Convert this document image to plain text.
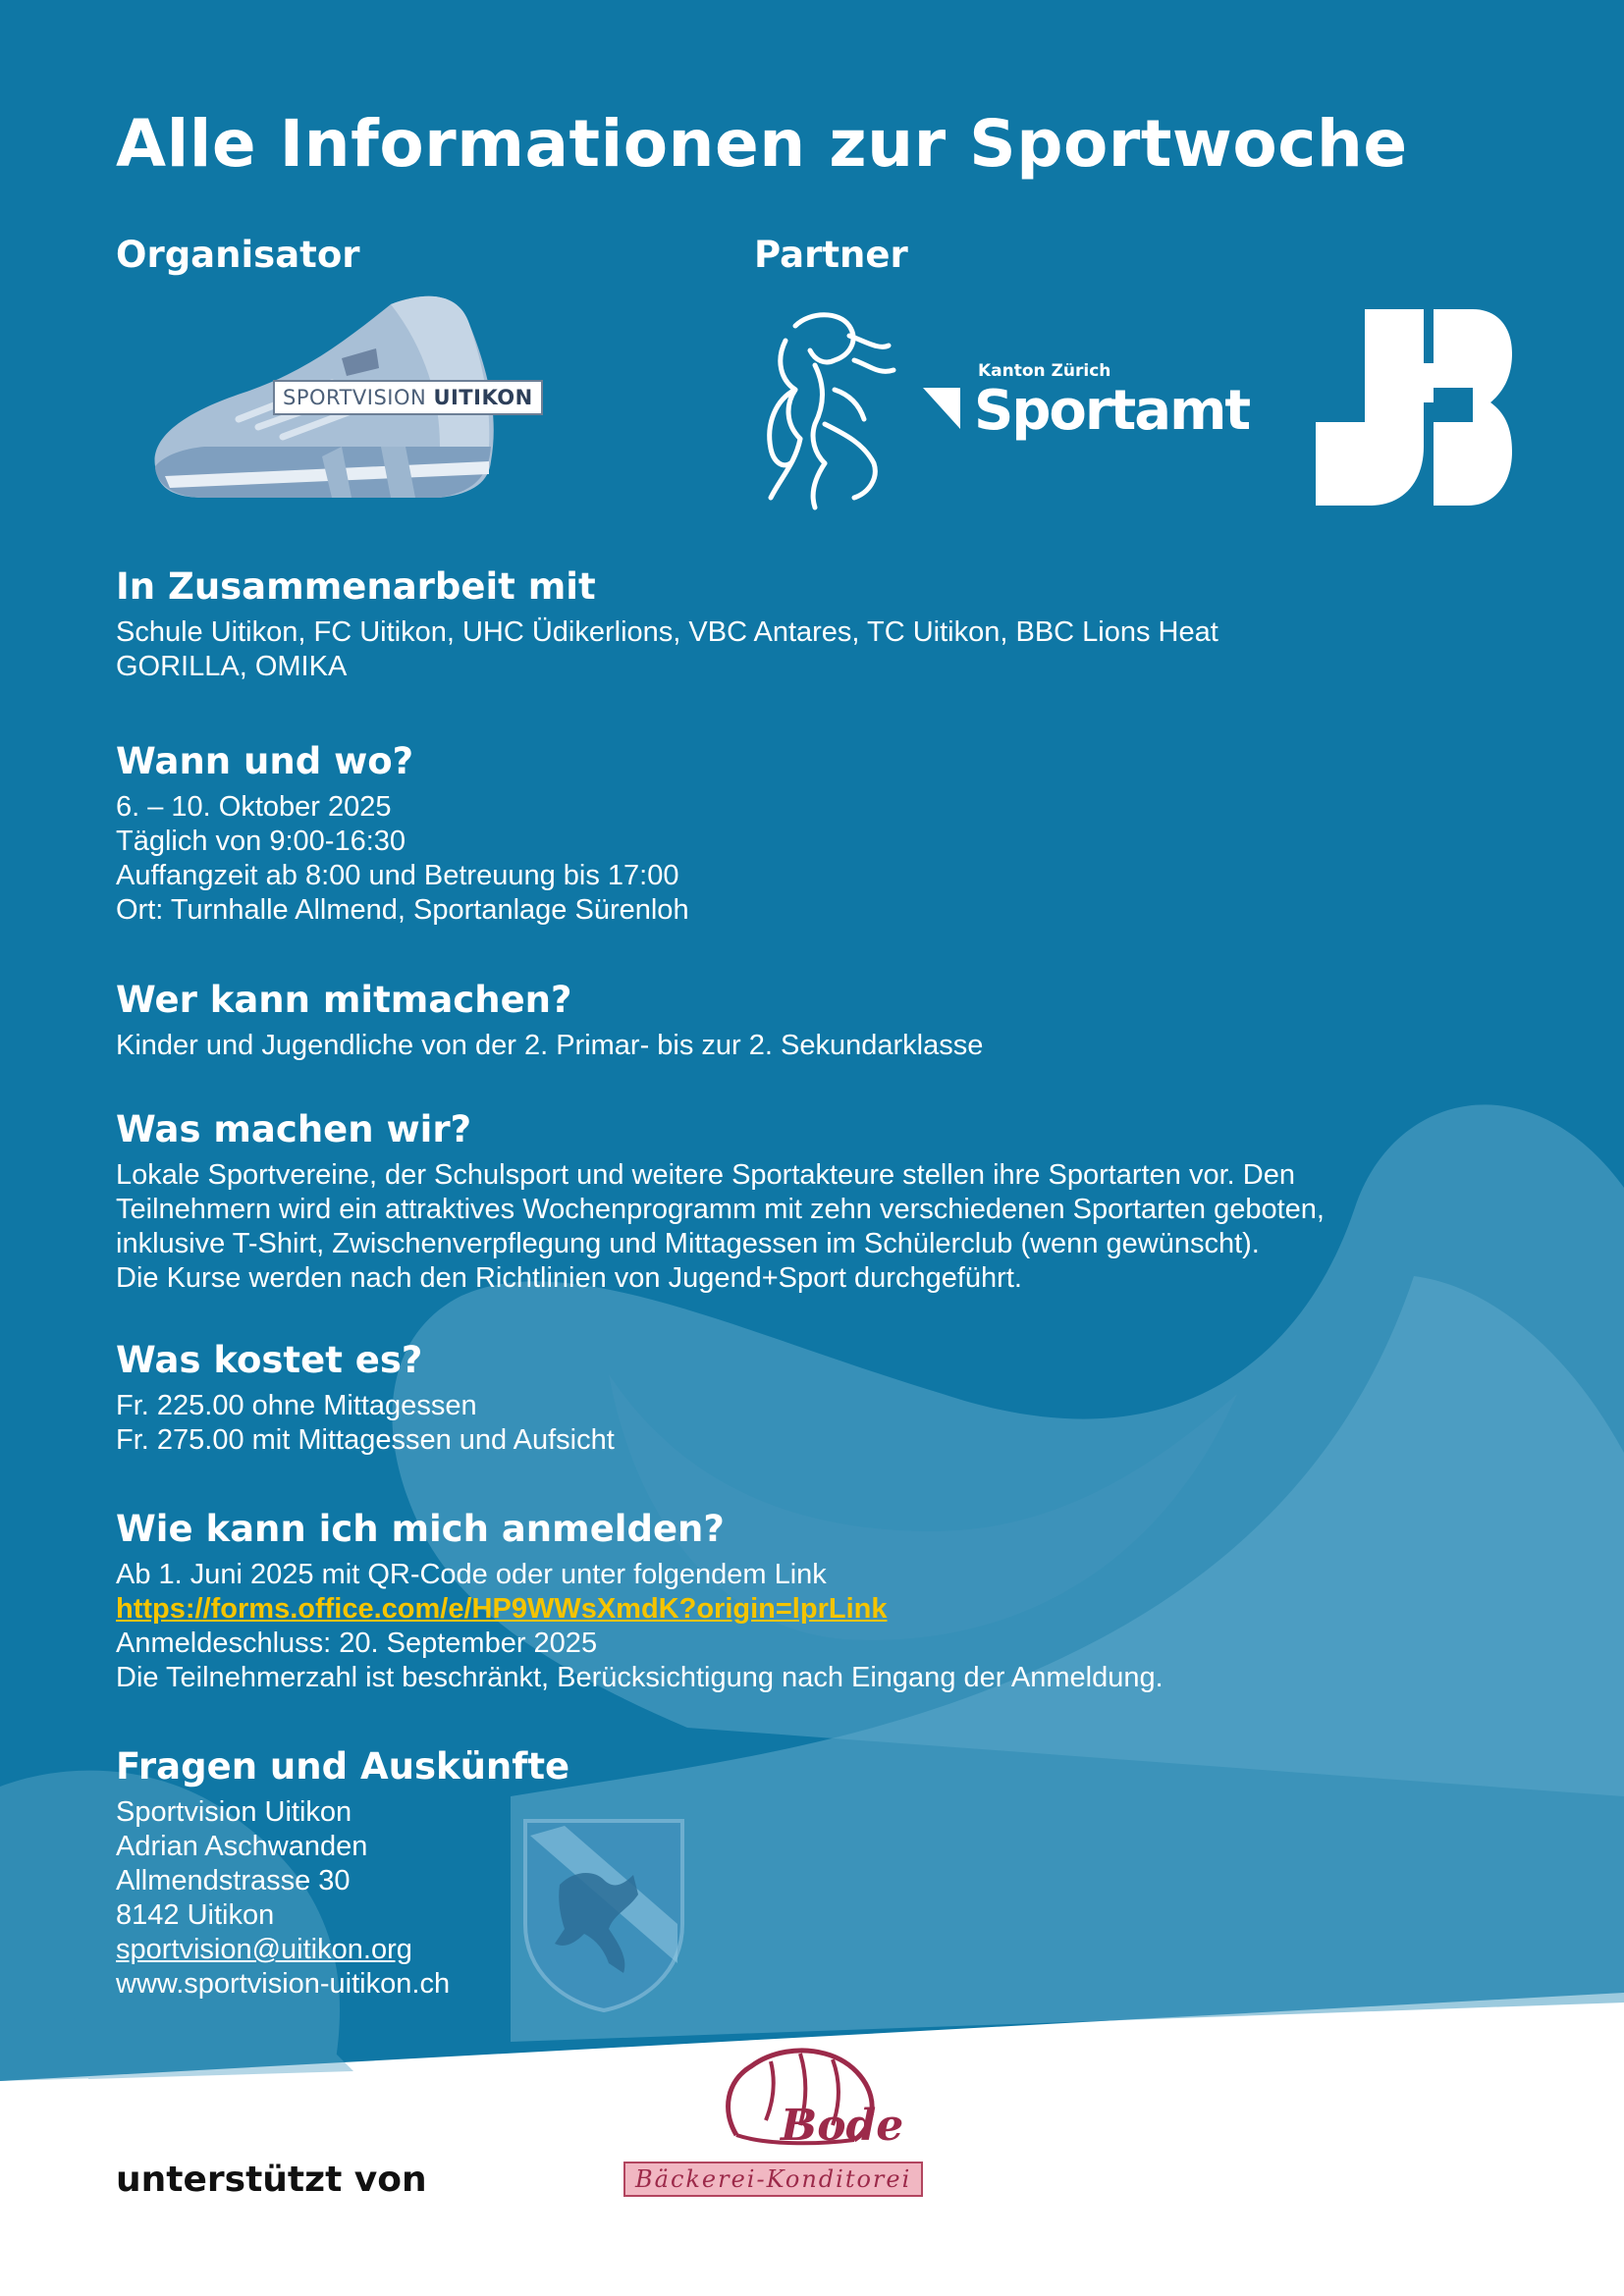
Alle Informationen zur Sportwoche
Organisator
SPORTVISION UITIKON
Partner
Kanton Zürich
Sportamt
In Zusammenarbeit mit
Schule Uitikon, FC Uitikon, UHC Üdikerlions, VBC Antares, TC Uitikon, BBC Lions Heat
GORILLA, OMIKA
Wann und wo?
6. – 10. Oktober 2025
Täglich von 9:00-16:30
Auffangzeit ab 8:00 und Betreuung bis 17:00
Ort: Turnhalle Allmend, Sportanlage Sürenloh
Wer kann mitmachen?
Kinder und Jugendliche von der 2. Primar- bis zur 2. Sekundarklasse
Was machen wir?
Lokale Sportvereine, der Schulsport und weitere Sportakteure stellen ihre Sportarten vor. Den
Teilnehmern wird ein attraktives Wochenprogramm mit zehn verschiedenen Sportarten geboten,
inklusive T-Shirt, Zwischenverpflegung und Mittagessen im Schülerclub (wenn gewünscht).
Die Kurse werden nach den Richtlinien von Jugend+Sport durchgeführt.
Was kostet es?
Fr. 225.00 ohne Mittagessen
Fr. 275.00 mit Mittagessen und Aufsicht
Wie kann ich mich anmelden?
Ab 1. Juni 2025 mit QR-Code oder unter folgendem Link
https://forms.office.com/e/HP9WWsXmdK?origin=lprLink
Anmeldeschluss: 20. September 2025
Die Teilnehmerzahl ist beschränkt, Berücksichtigung nach Eingang der Anmeldung.
Fragen und Auskünfte
Sportvision Uitikon
Adrian Aschwanden
Allmendstrasse 30
8142 Uitikon
sportvision@uitikon.org
www.sportvision-uitikon.ch
unterstützt von
Bode
Bäckerei-Konditorei
